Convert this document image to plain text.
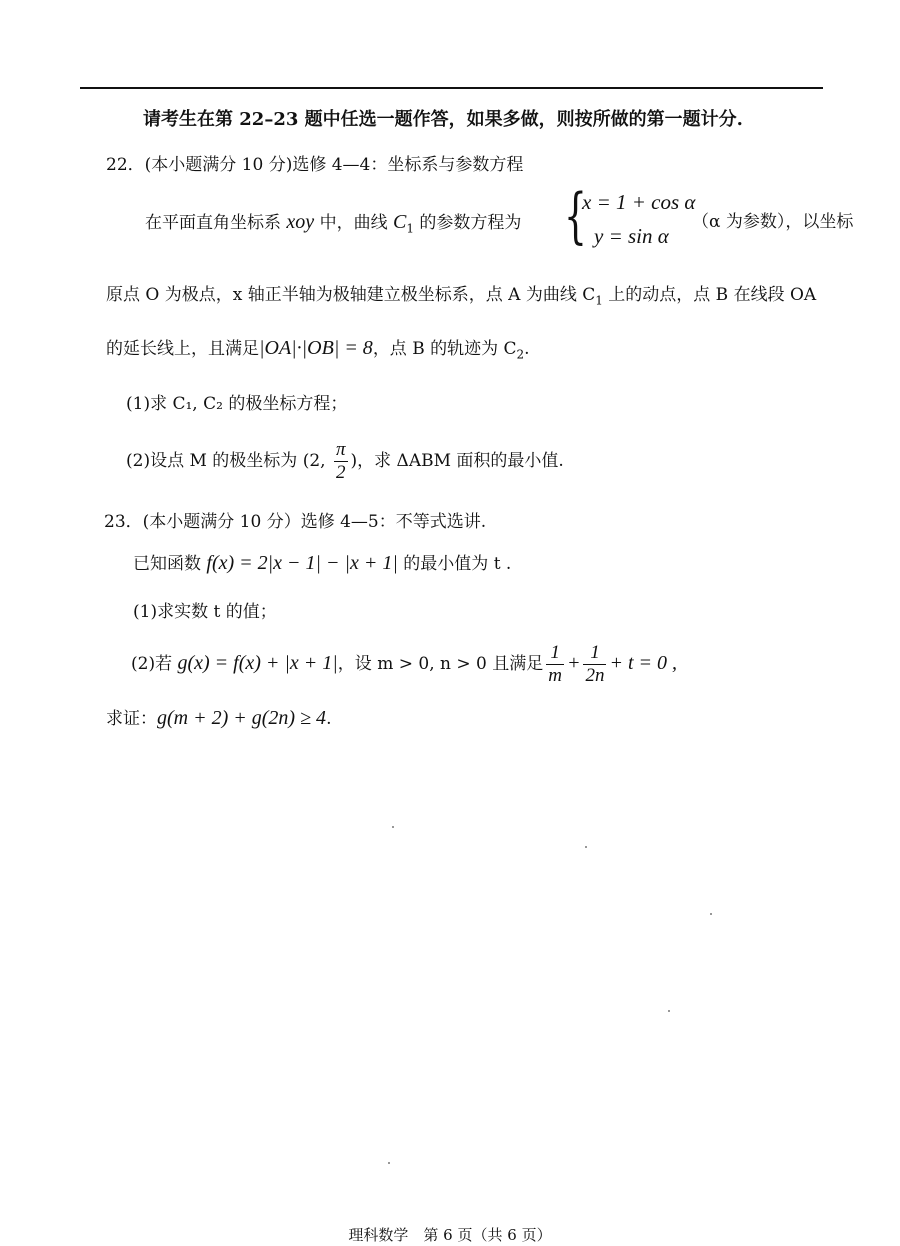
请考生在第 22–23 题中任选一题作答，如果多做，则按所做的第一题计分.
22．(本小题满分 10 分)选修 4—4：坐标系与参数方程
在平面直角坐标系 xoy 中，曲线 $C_1$ 的参数方程为 {
x = 1 + cos α
y = sin α
（α 为参数），以坐标
原点 O 为极点，x 轴正半轴为极轴建立极坐标系，点 A 为曲线 $C_1$ 上的动点，点 B 在线段 OA
的延长线上，且满足|OA|·|OB| = 8，点 B 的轨迹为 $C_2$.
(1)求 C₁, C₂ 的极坐标方程；
(2)设点 M 的极坐标为 (2, $\frac{\pi}{2}$ )，求 ΔABM 面积的最小值.
23．(本小题满分 10 分）选修 4—5：不等式选讲.
已知函数 f(x) = 2|x − 1| − |x + 1| 的最小值为 t .
(1)求实数 t 的值；
(2)若 g(x) = f(x) + |x + 1|，设 m > 0, n > 0 且满足 $\frac{1}{m} + \frac{1}{2n} + t = 0$ ,
求证：g(m + 2) + g(2n) ≥ 4.
理科数学　第 6 页（共 6 页）
